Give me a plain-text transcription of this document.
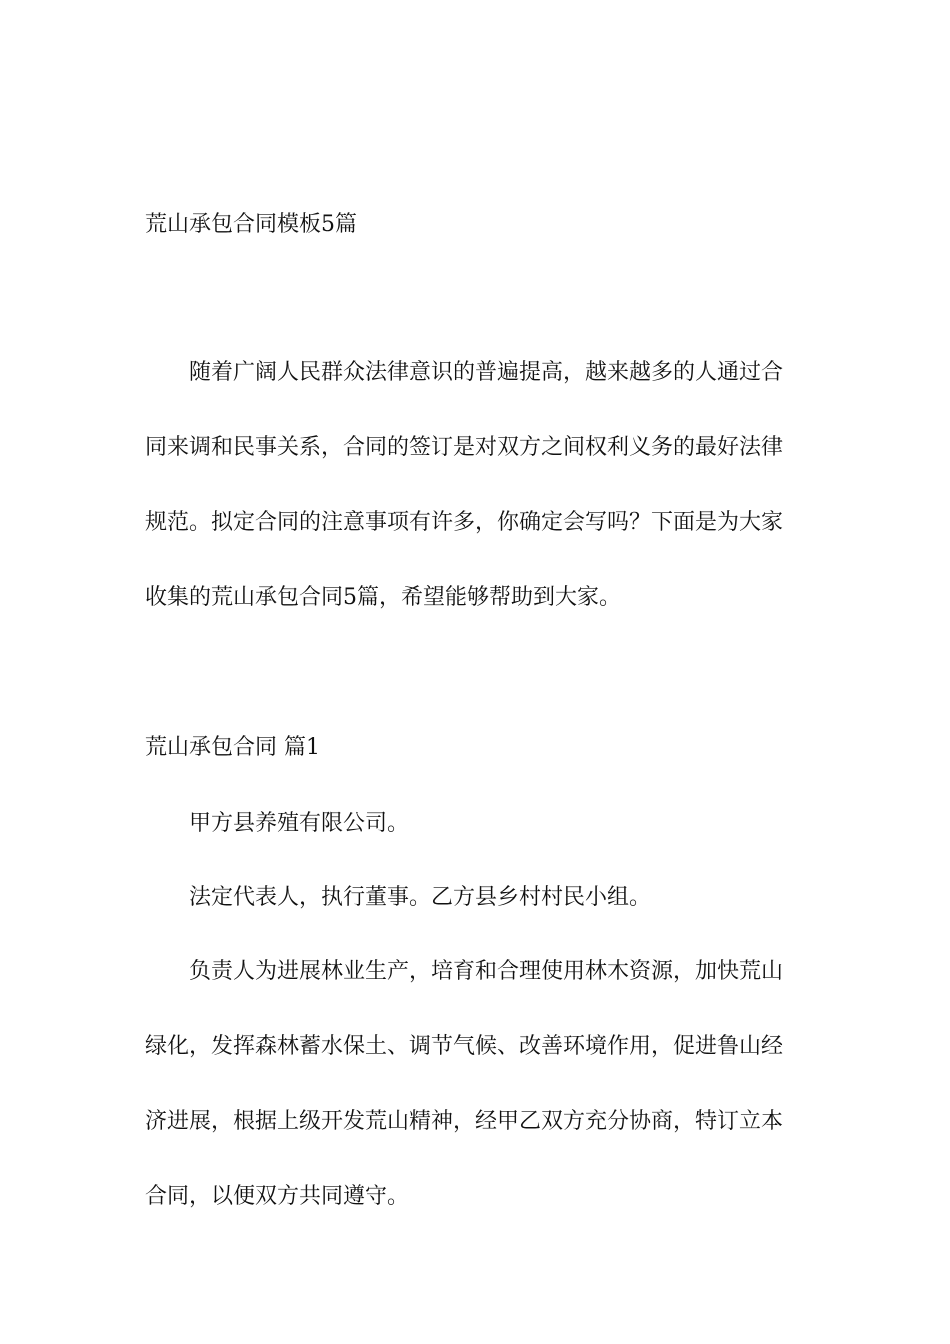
荒山承包合同模板5篇
随着广阔人民群众法律意识的普遍提高，越来越多的人通过合
同来调和民事关系，合同的签订是对双方之间权利义务的最好法律
规范。拟定合同的注意事项有许多，你确定会写吗？下面是为大家
收集的荒山承包合同5篇，希望能够帮助到大家。
荒山承包合同 篇1
甲方县养殖有限公司。
法定代表人，执行董事。乙方县乡村村民小组。
负责人为进展林业生产，培育和合理使用林木资源，加快荒山
绿化，发挥森林蓄水保土、调节气候、改善环境作用，促进鲁山经
济进展，根据上级开发荒山精神，经甲乙双方充分协商，特订立本
合同，以便双方共同遵守。
